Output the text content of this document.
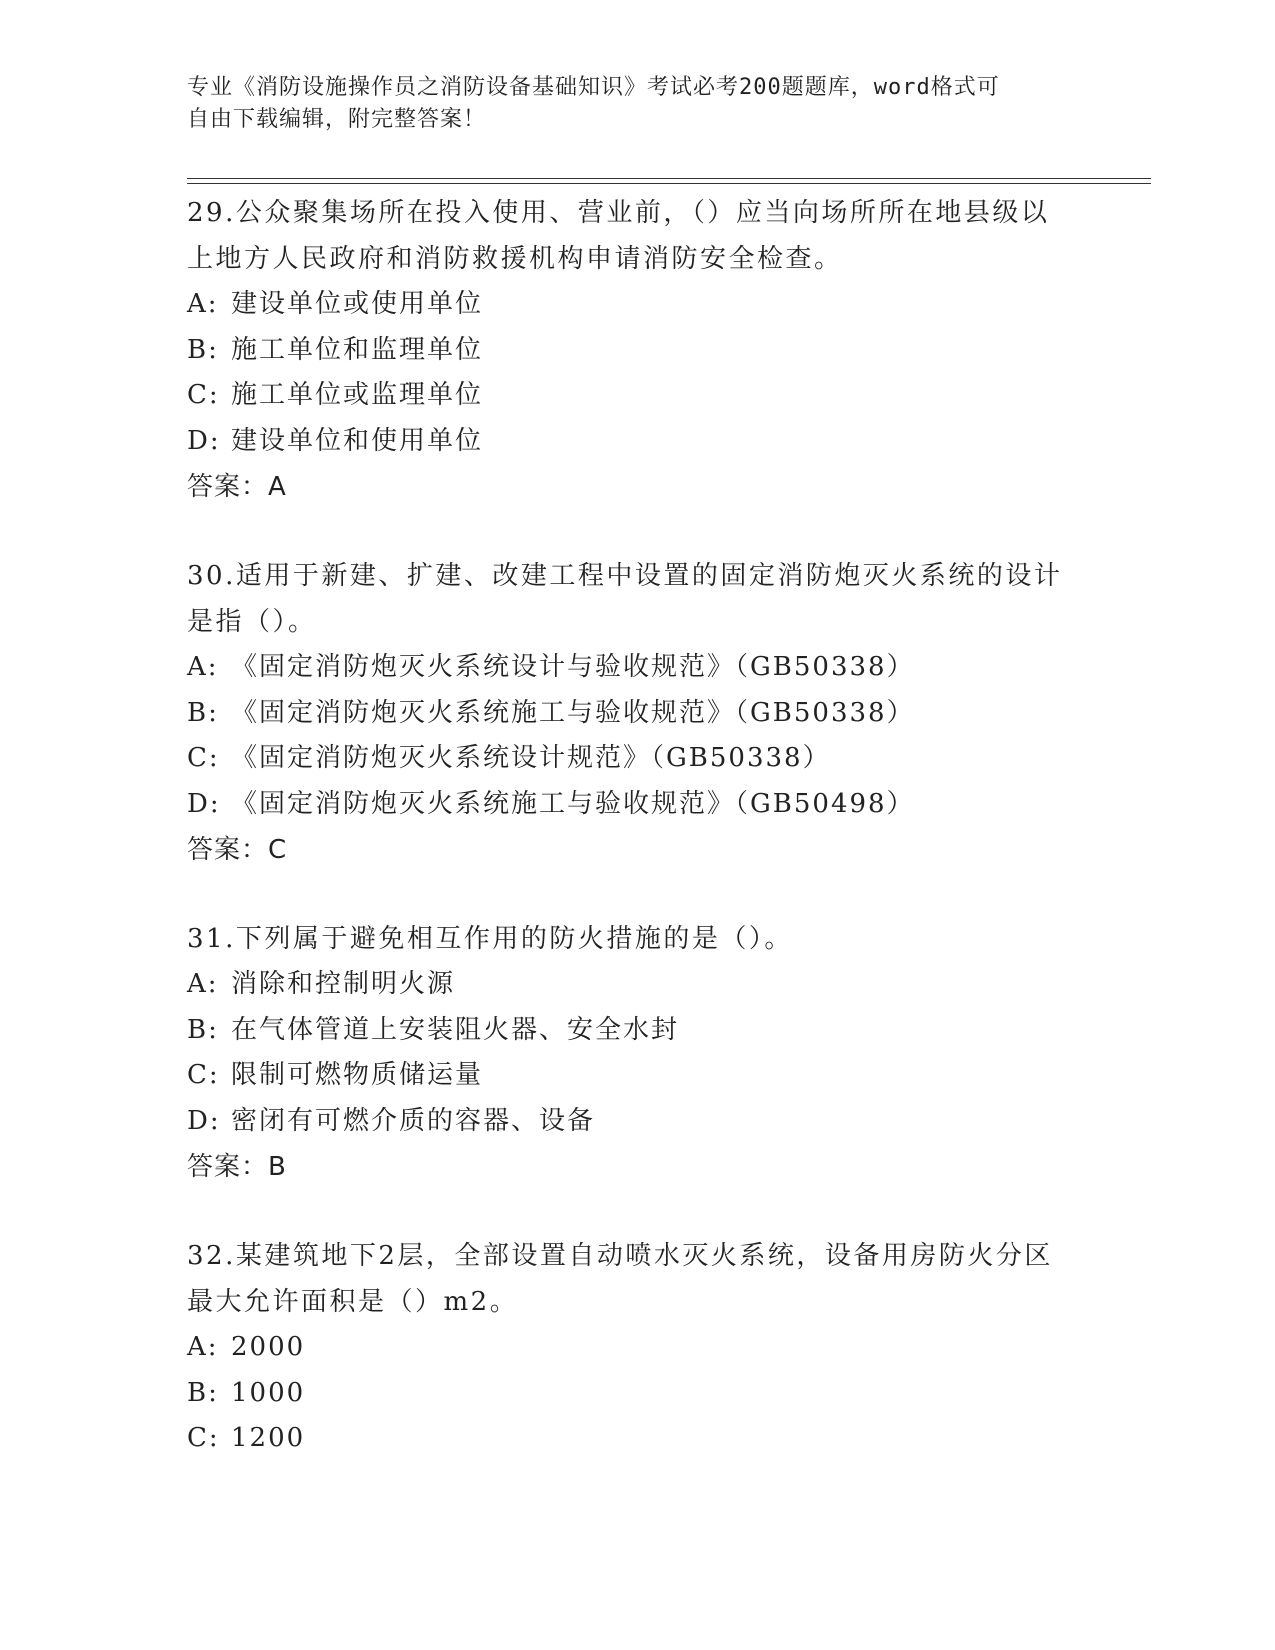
专业《消防设施操作员之消防设备基础知识》考试必考200题题库，word格式可
自由下载编辑，附完整答案！
29.公众聚集场所在投入使用、营业前，（）应当向场所所在地县级以
上地方人民政府和消防救援机构申请消防安全检查。
A: 建设单位或使用单位
B: 施工单位和监理单位
C: 施工单位或监理单位
D: 建设单位和使用单位
答案：A
30.适用于新建、扩建、改建工程中设置的固定消防炮灭火系统的设计
是指（）。
A: 《固定消防炮灭火系统设计与验收规范》（GB50338）
B: 《固定消防炮灭火系统施工与验收规范》（GB50338）
C: 《固定消防炮灭火系统设计规范》（GB50338）
D: 《固定消防炮灭火系统施工与验收规范》（GB50498）
答案：C
31.下列属于避免相互作用的防火措施的是（）。
A: 消除和控制明火源
B: 在气体管道上安装阻火器、安全水封
C: 限制可燃物质储运量
D: 密闭有可燃介质的容器、设备
答案：B
32.某建筑地下2层，全部设置自动喷水灭火系统，设备用房防火分区
最大允许面积是（）m2。
A: 2000
B: 1000
C: 1200
